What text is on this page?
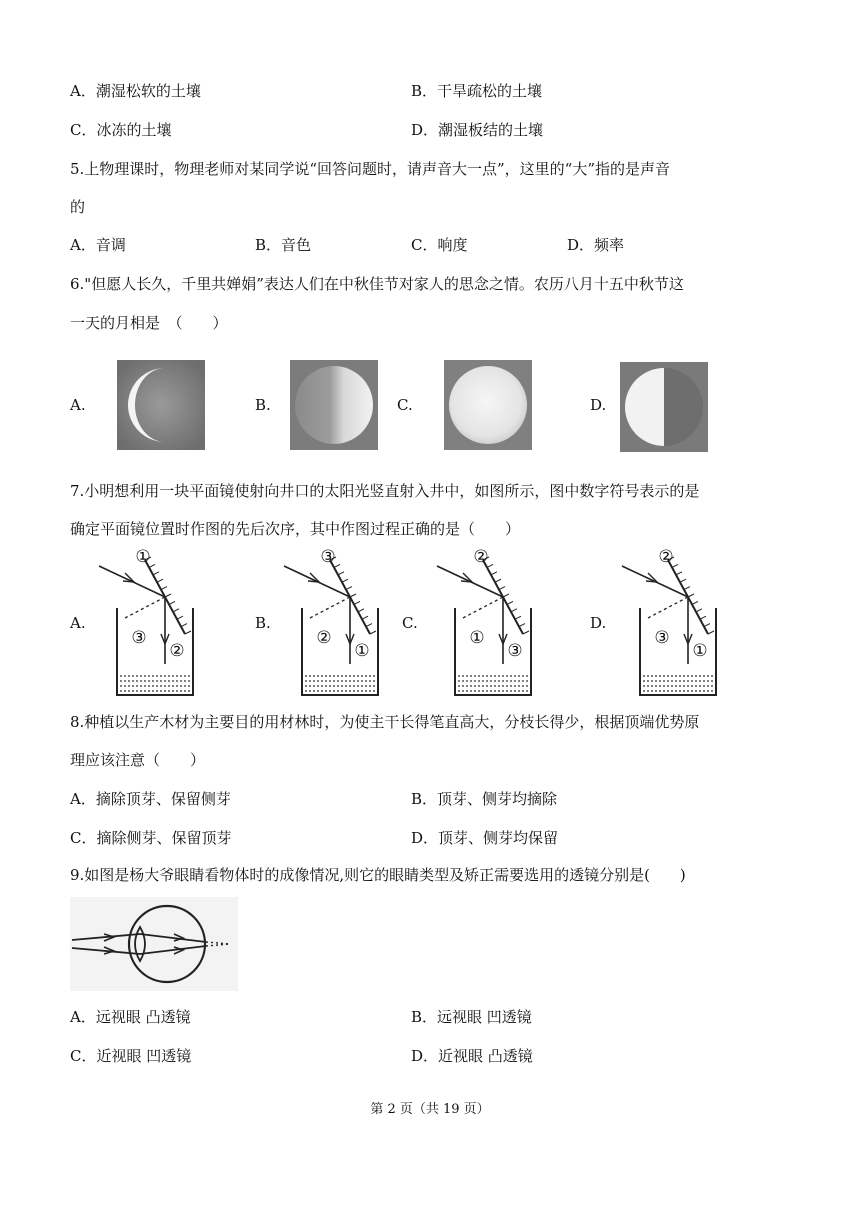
A．潮湿松软的土壤	B．干旱疏松的土壤
C．冰冻的土壤	D．潮湿板结的土壤
5.上物理课时，物理老师对某同学说“回答问题时，请声音大一点”，这里的“大”指的是声音
的
A．音调	B．音色	C．响度	D．频率
6."但愿人长久，千里共婵娟”表达人们在中秋佳节对家人的思念之情。农历八月十五中秋节这
一天的月相是　（　　）
A.	B.	C.	D.
7.小明想利用一块平面镜使射向井口的太阳光竖直射入井中，如图所示，图中数字符号表示的是
确定平面镜位置时作图的先后次序，其中作图过程正确的是（　　）
A.	B.	C.	D.
①
③
②
③
②
①
②
①
③
②
③
①
8.种植以生产木材为主要目的用材林时，为使主干长得笔直高大，分枝长得少，根据顶端优势原
理应该注意（　　）
A．摘除顶芽、保留侧芽	B．顶芽、侧芽均摘除
C．摘除侧芽、保留顶芽	D．顶芽、侧芽均保留
9.如图是杨大爷眼睛看物体时的成像情况,则它的眼睛类型及矫正需要选用的透镜分别是(　　)
A．远视眼 凸透镜	B．远视眼 凹透镜
C．近视眼 凹透镜	D．近视眼 凸透镜
第 2 页（共 19 页）
